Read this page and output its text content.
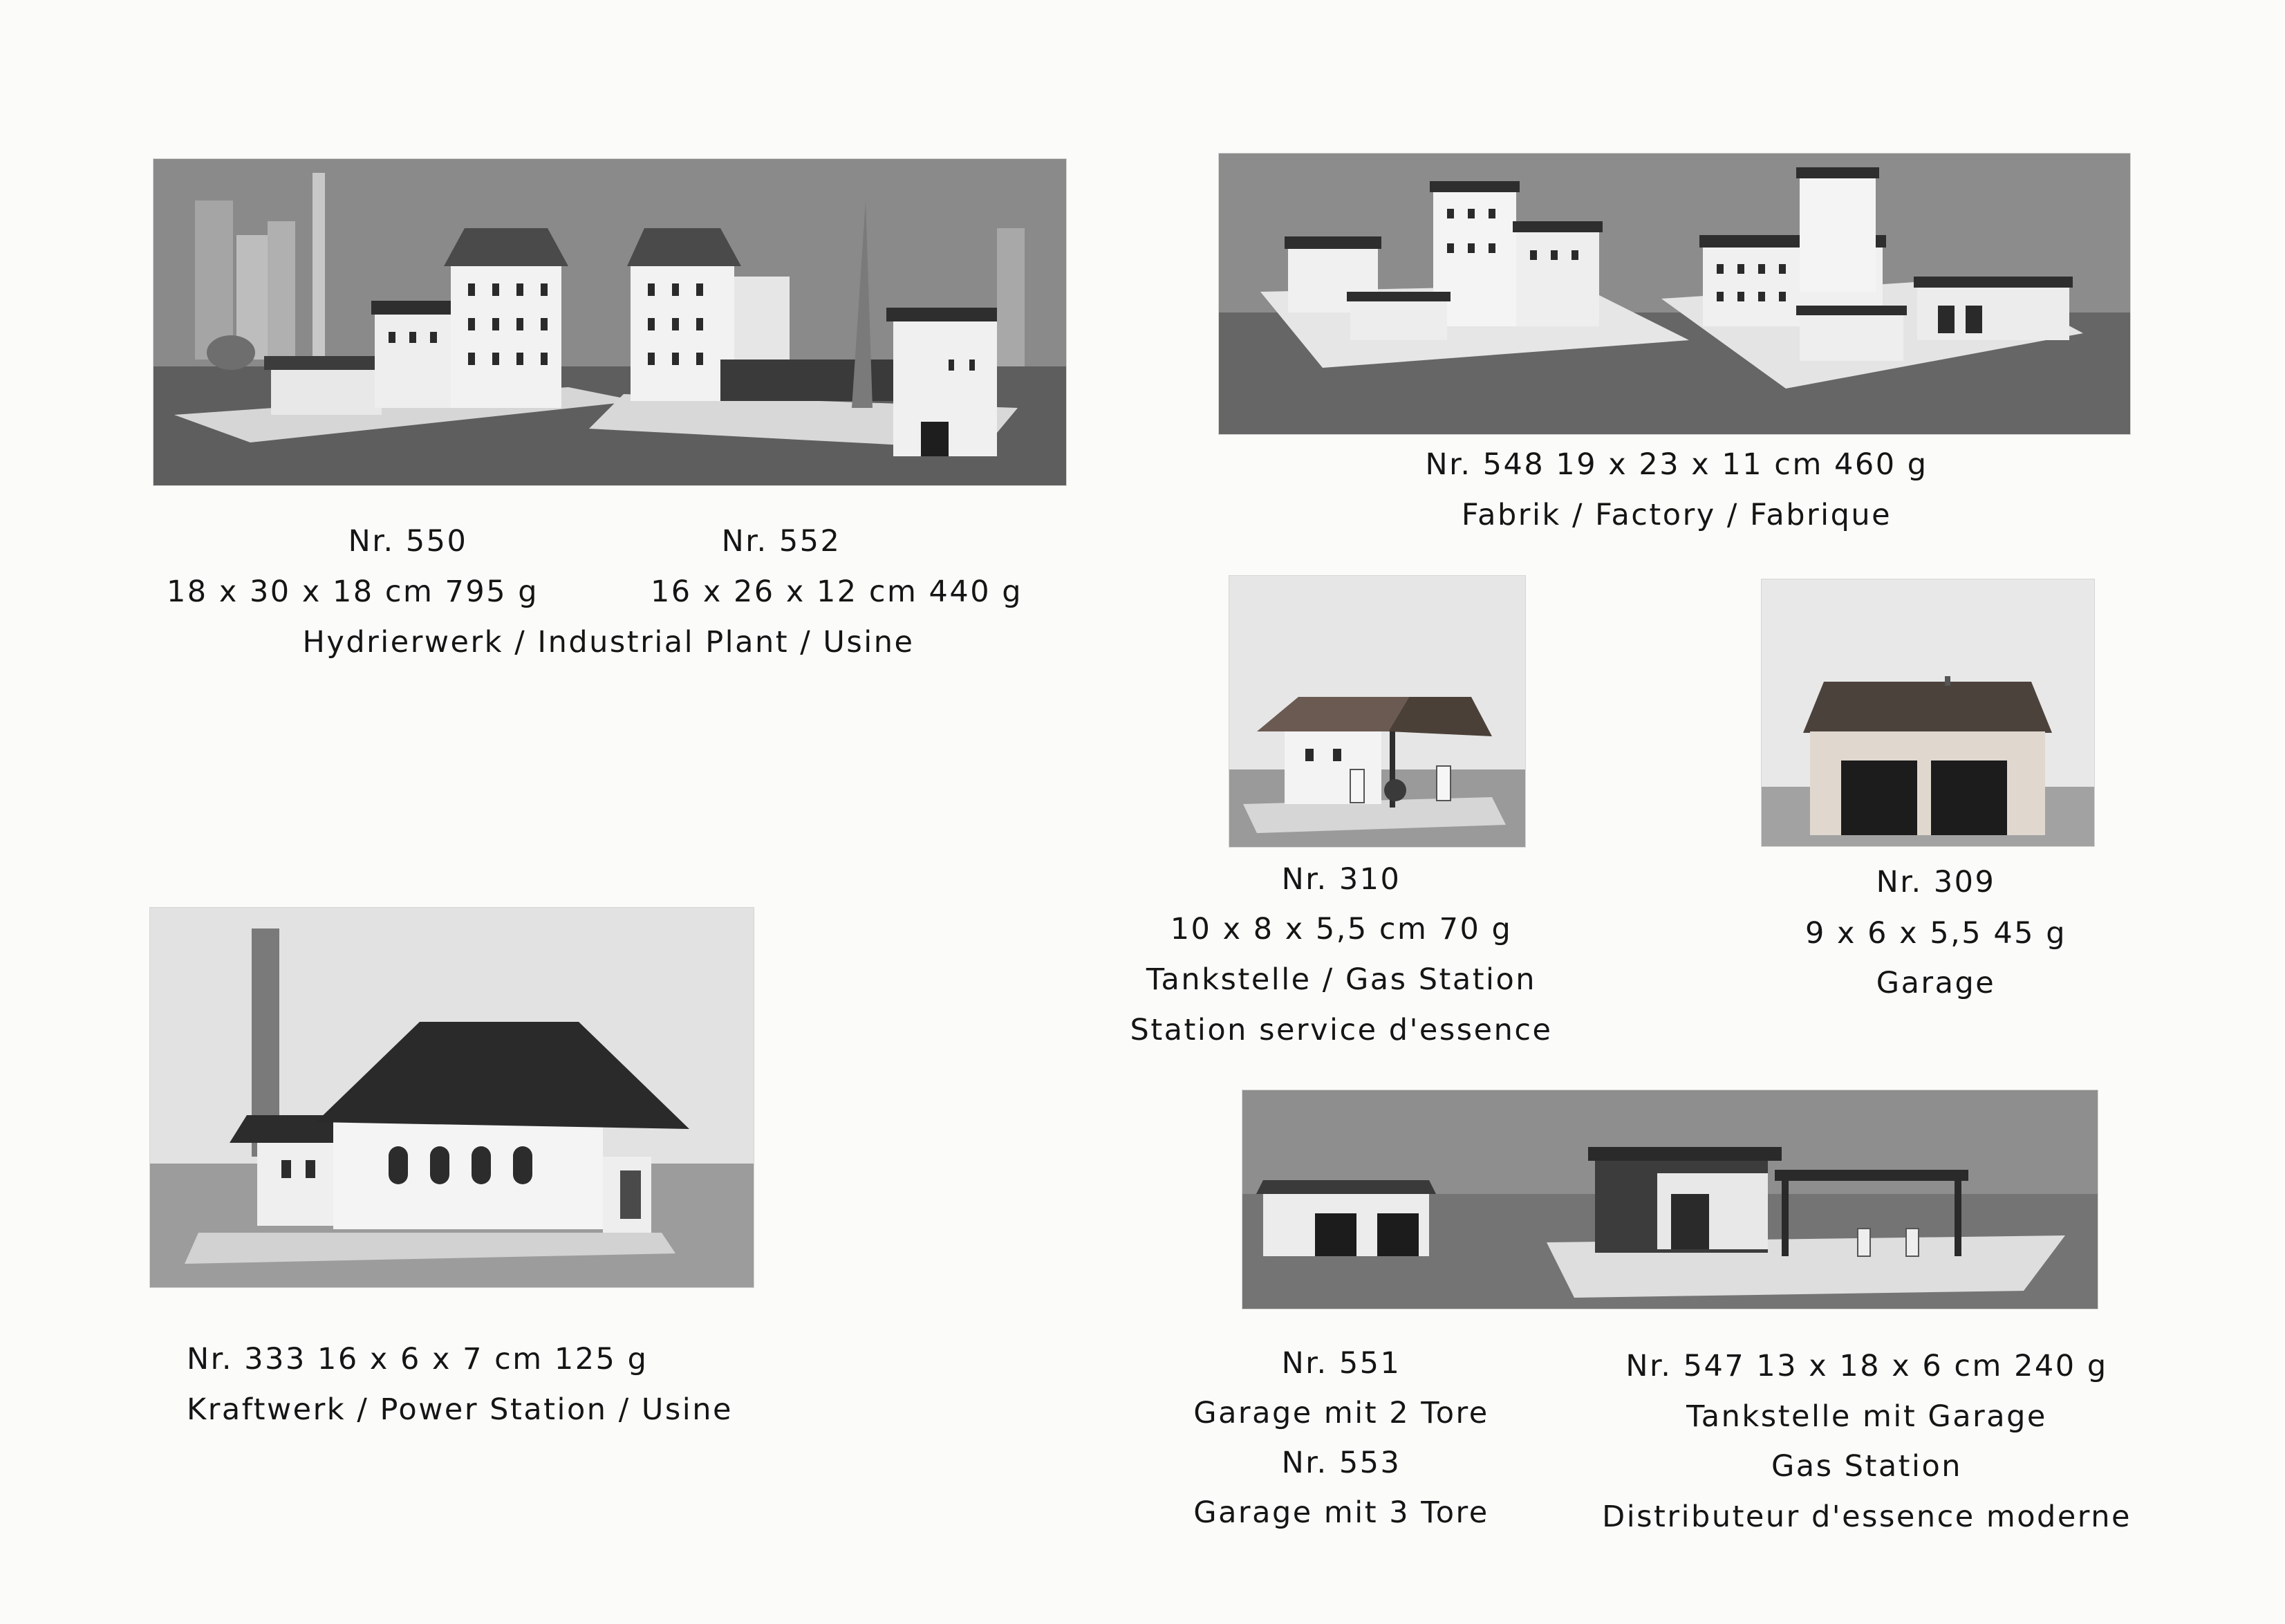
Nr. 550
18 x 30 x 18 cm 795 g
Nr. 552
16 x 26 x 12 cm 440 g
Hydrierwerk / Industrial Plant / Usine
Nr. 548 19 x 23 x 11 cm 460 g
Fabrik / Factory / Fabrique
Nr. 310
10 x 8 x 5,5 cm 70 g
Tankstelle / Gas Station
Station service d'essence
Nr. 309
9 x 6 x 5,5 45 g
Garage
Nr. 333 16 x 6 x 7 cm 125 g
Kraftwerk / Power Station / Usine
Nr. 551
Garage mit 2 Tore
Nr. 553
Garage mit 3 Tore
Nr. 547 13 x 18 x 6 cm 240 g
Tankstelle mit Garage
Gas Station
Distributeur d'essence moderne
